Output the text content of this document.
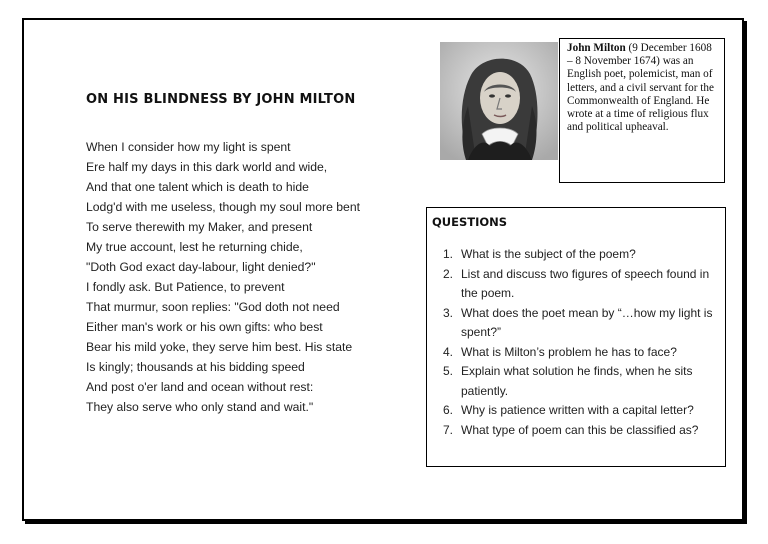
ON HIS BLINDNESS BY JOHN MILTON
When I consider how my light is spent
Ere half my days in this dark world and wide,
And that one talent which is death to hide
Lodg'd with me useless, though my soul more bent
To serve therewith my Maker, and present
My true account, lest he returning chide,
"Doth God exact day-labour, light denied?"
I fondly ask. But Patience, to prevent
That murmur, soon replies: "God doth not need
Either man's work or his own gifts: who best
Bear his mild yoke, they serve him best. His state
Is kingly; thousands at his bidding speed
And post o'er land and ocean without rest:
They also serve who only stand and wait."
John Milton (9 December 1608 – 8 November 1674) was an English poet, polemicist, man of letters, and a civil servant for the Commonwealth of England. He wrote at a time of religious flux and political upheaval.
QUESTIONS
1. What is the subject of the poem?
2. List and discuss two figures of speech found in the poem.
3. What does the poet mean by “…how my light is spent?”
4. What is Milton’s problem he has to face?
5. Explain what solution he finds, when he sits patiently.
6. Why is patience written with a capital letter?
7. What type of poem can this be classified as?
